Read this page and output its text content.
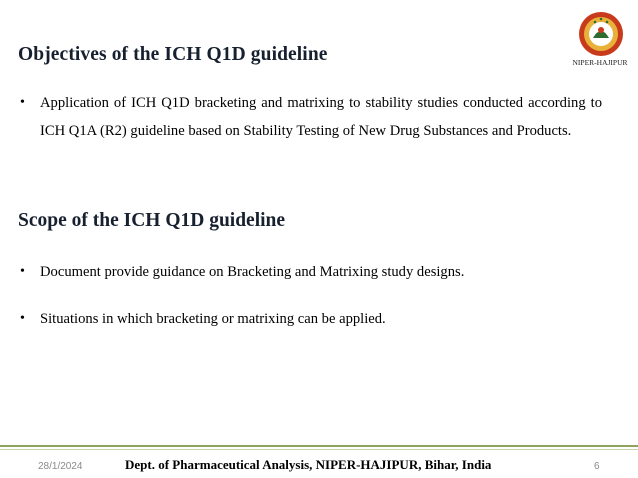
Objectives of the ICH Q1D guideline	NIPER-HAJIPUR
• Application of ICH Q1D bracketing and matrixing to stability studies conducted according to ICH Q1A (R2) guideline based on Stability Testing of New Drug Substances and Products.
Scope of the ICH Q1D guideline
• Document provide guidance on Bracketing and Matrixing study designs.
• Situations in which bracketing or matrixing can be applied.
28/1/2024	Dept. of Pharmaceutical Analysis, NIPER-HAJIPUR, Bihar, India	6
